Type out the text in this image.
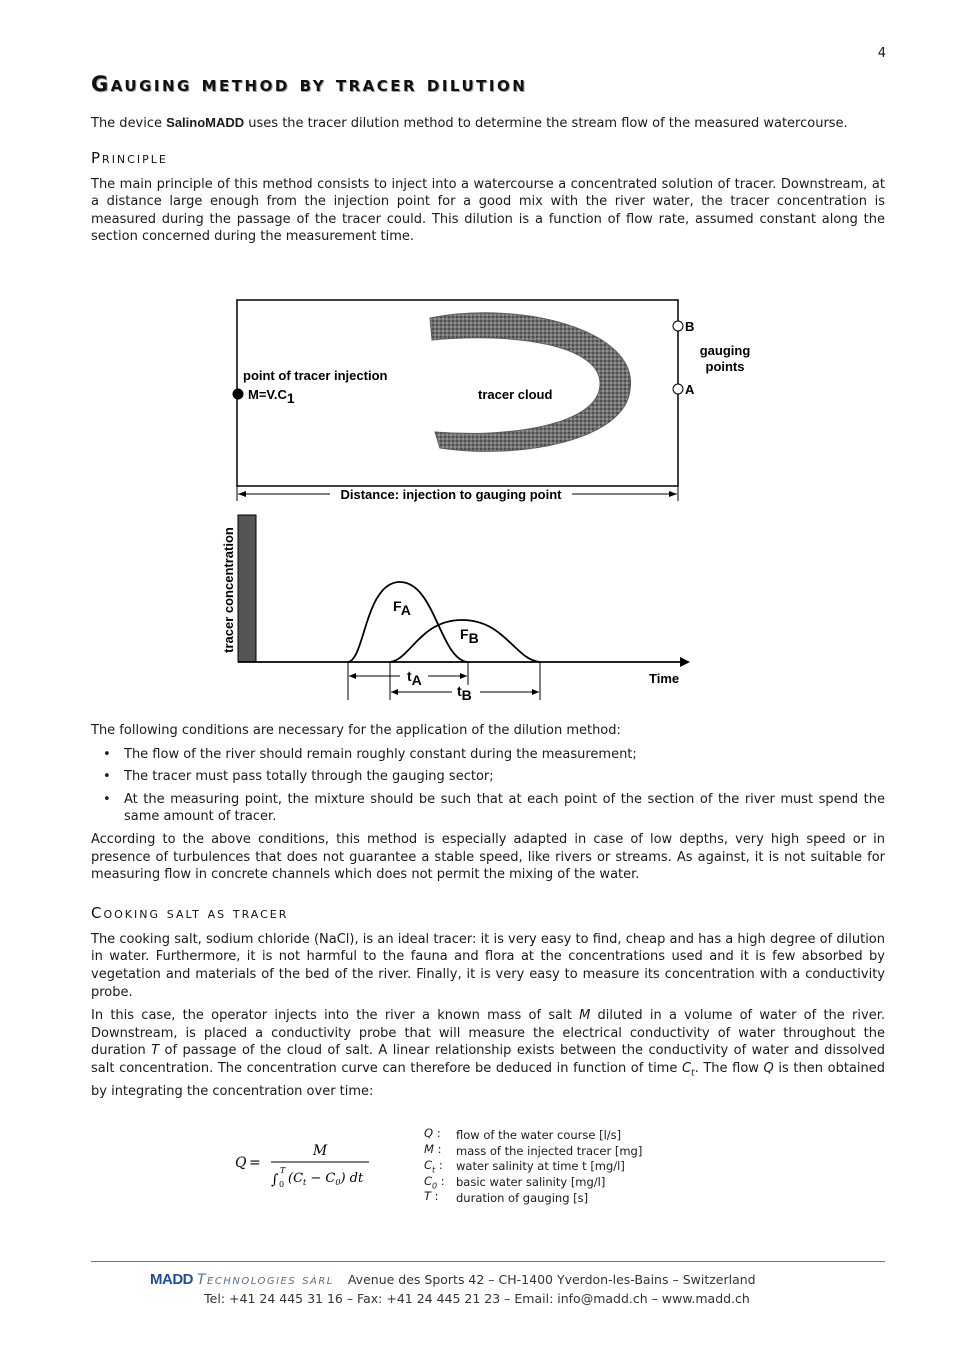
4
Gauging method by tracer dilution

The device SalinoMADD uses the tracer dilution method to determine the stream flow of the measured watercourse.

Principle

The main principle of this method consists to inject into a watercourse a concentrated solution of tracer. Downstream, at a distance large enough from the injection point for a good mix with the river water, the tracer concentration is measured during the passage of the tracer could. This dilution is a function of flow rate, assumed constant along the section concerned during the measurement time.

tracer cloud
point of tracer injection
M=V.C1
B
A
gauging
points
Distance: injection to gauging point
Time
tracer concentration	FA
FB
tA
tB

The following conditions are necessary for the application of the dilution method:

• The flow of the river should remain roughly constant during the measurement;
• The tracer must pass totally through the gauging sector;
• At the measuring point, the mixture should be such that at each point of the section of the river must spend the same amount of tracer.

According to the above conditions, this method is especially adapted in case of low depths, very high speed or in presence of turbulences that does not guarantee a stable speed, like rivers or streams. As against, it is not suitable for measuring flow in concrete channels which does not permit the mixing of the water.

Cooking salt as tracer

The cooking salt, sodium chloride (NaCl), is an ideal tracer: it is very easy to find, cheap and has a high degree of dilution in water. Furthermore, it is not harmful to the fauna and flora at the concentrations used and it is few absorbed by vegetation and materials of the bed of the river. Finally, it is very easy to measure its concentration with a conductivity probe.

In this case, the operator injects into the river a known mass of salt M diluted in a volume of water of the river. Downstream, is placed a conductivity probe that will measure the electrical conductivity of water throughout the duration T of passage of the cloud of salt. A linear relationship exists between the conductivity of water and dissolved salt concentration. The concentration curve can therefore be deduced in function of time $C_t$. The flow Q is then obtained by integrating the concentration over time:

Q =
M
∫
T
0 $(C_t - C_0)$ dt
Q :	flow of the water course [l/s]
M :	mass of the injected tracer [mg]
$C_t$ :	water salinity at time t [mg/l]
$C_0$ : basic water salinity [mg/l]
T :	duration of gauging [s]
MADD Technologies sàrl Avenue des Sports 42 – CH-1400 Yverdon-les-Bains – Switzerland
Tel: +41 24 445 31 16 – Fax: +41 24 445 21 23 – Email: info@madd.ch – www.madd.ch
